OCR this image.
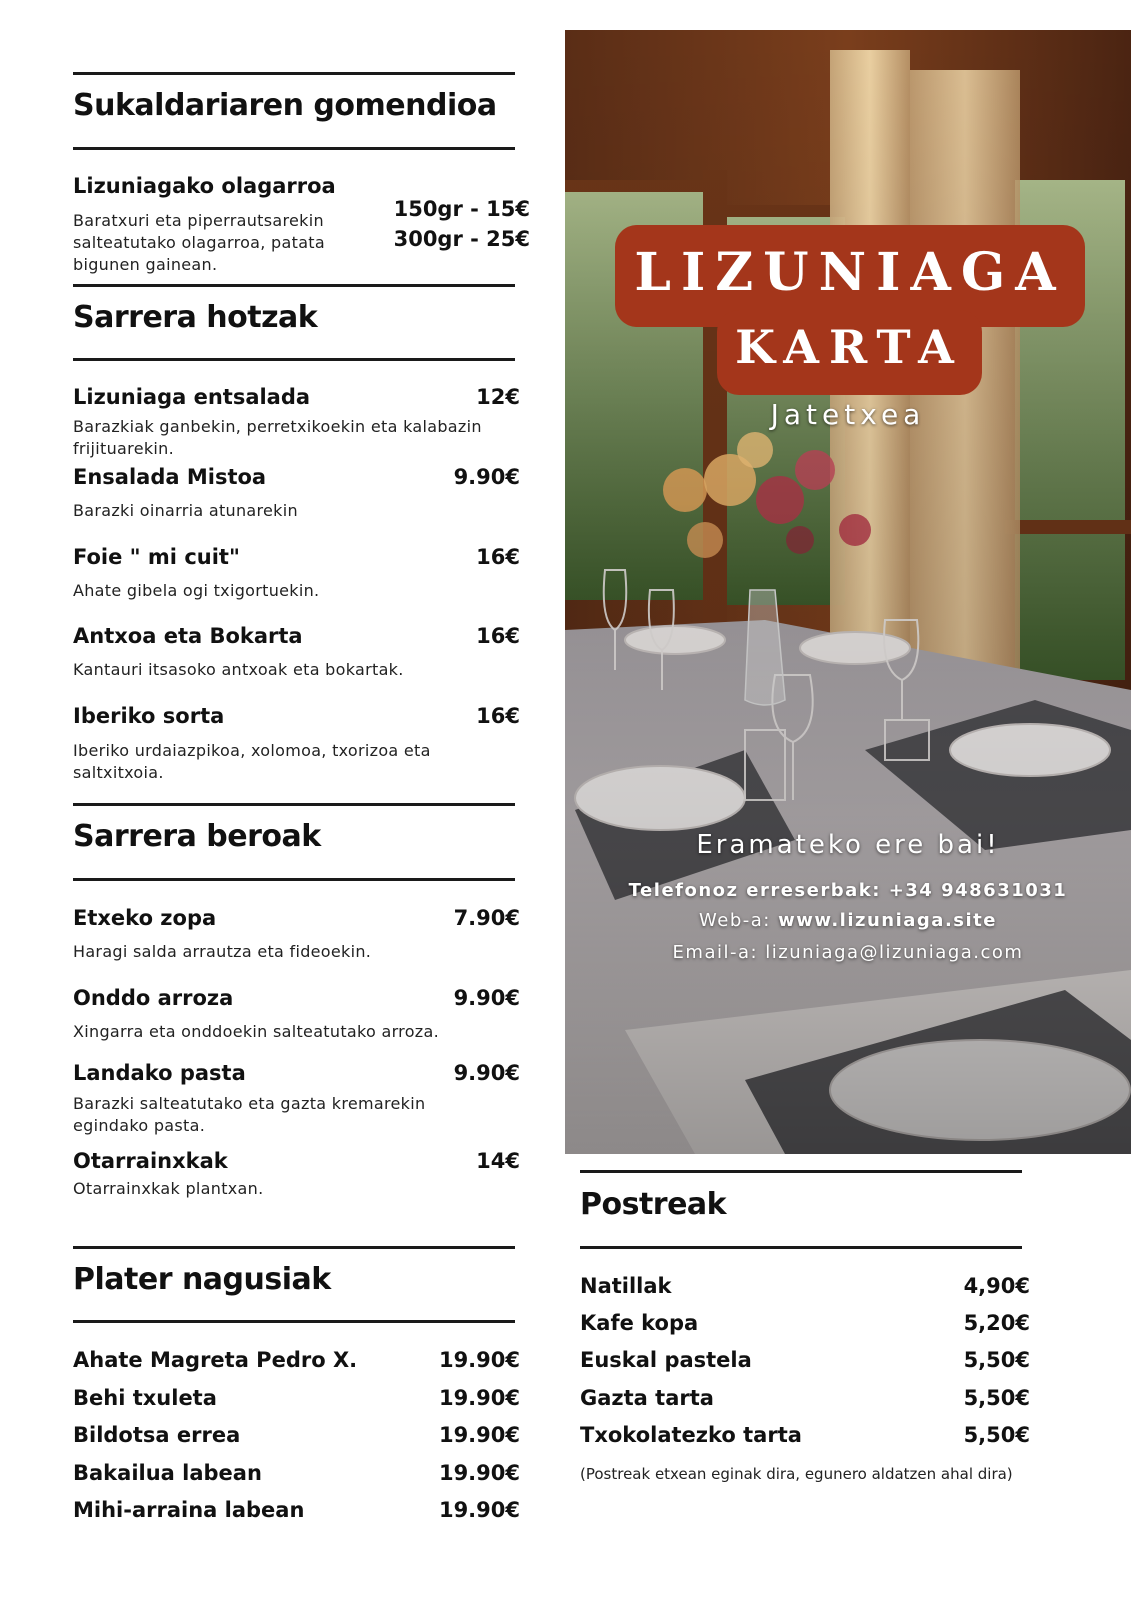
Sukaldariaren gomendioa
Lizuniagako olagarroa
Baratxuri eta piperrautsarekin salteatutako olagarroa, patata bigunen gainean.
150gr - 15€
300gr - 25€
Sarrera hotzak
Lizuniaga entsalada	12€
Barazkiak ganbekin, perretxikoekin eta kalabazin frijituarekin.
Ensalada Mistoa	9.90€
Barazki oinarria atunarekin
Foie " mi cuit"	16€
Ahate gibela ogi txigortuekin.
Antxoa eta Bokarta	16€
Kantauri itsasoko antxoak eta bokartak.
Iberiko sorta	16€
Iberiko urdaiazpikoa, xolomoa, txorizoa eta saltxitxoia.
Sarrera beroak
Etxeko zopa	7.90€
Haragi salda arrautza eta fideoekin.
Onddo arroza	9.90€
Xingarra eta onddoekin salteatutako arroza.
Landako pasta	9.90€
Barazki salteatutako eta gazta kremarekin egindako pasta.
Otarrainxkak	14€
Otarrainxkak plantxan.
Plater nagusiak
Ahate Magreta Pedro X.	19.90€
Behi txuleta	19.90€
Bildotsa errea	19.90€
Bakailua labean	19.90€
Mihi-arraina labean	19.90€
LIZUNIAGA
KARTA
Jatetxea
Eramateko ere bai!
Telefonoz erreserbak: +34 948631031
Web-a: www.lizuniaga.site
Email-a: lizuniaga@lizuniaga.com
Postreak
Natillak	4,90€
Kafe kopa	5,20€
Euskal pastela	5,50€
Gazta tarta	5,50€
Txokolatezko tarta	5,50€
(Postreak etxean eginak dira, egunero aldatzen ahal dira)
